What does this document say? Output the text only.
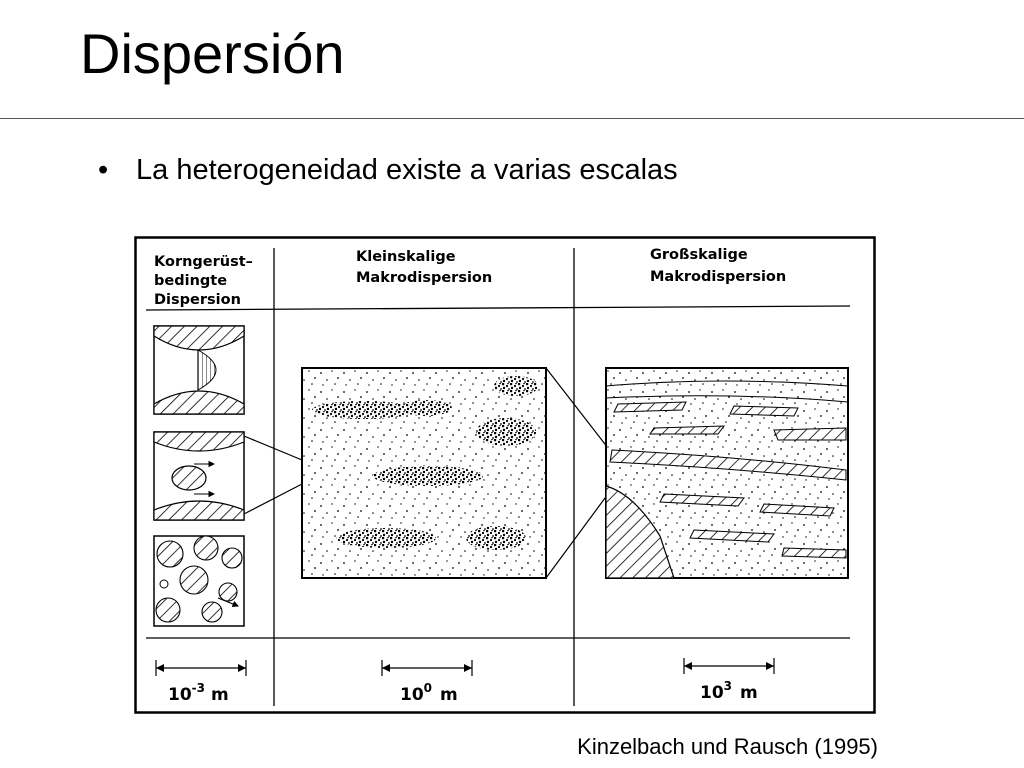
Dispersión
• La heterogeneidad existe a varias escalas
Korngerüst– bedingte Dispersion
Kleinskalige Makrodispersion
Großskalige Makrodispersion
$10^{-3}$ m	$10^0$ m	$10^3$ m
Kinzelbach und Rausch (1995)
